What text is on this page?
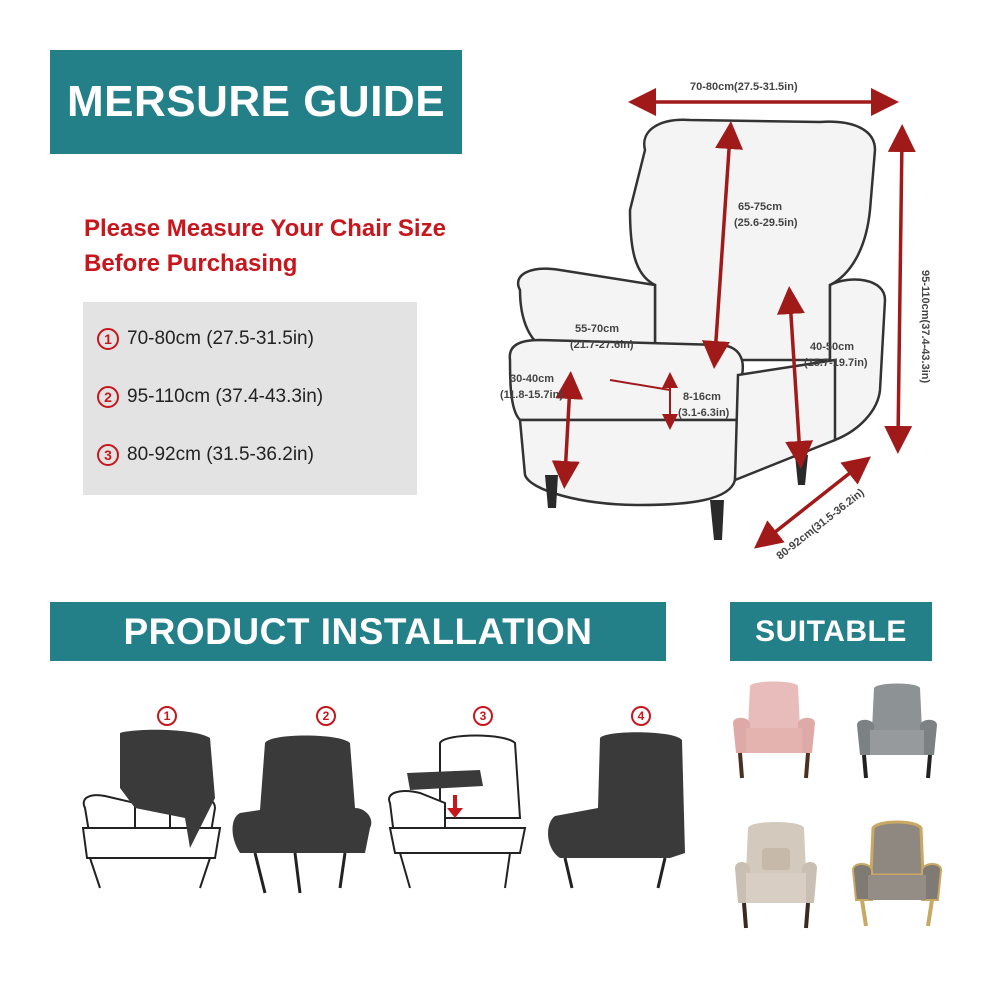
MERSURE GUIDE
Please Measure Your Chair Size
Before Purchasing
1 70-80cm (27.5-31.5in)
2 95-110cm (37.4-43.3in)
3 80-92cm (31.5-36.2in)
70-80cm(27.5-31.5in)
95-110cm(37.4-43.3in)
80-92cm(31.5-36.2in)
65-75cm
(25.6-29.5in)
55-70cm
(21.7-27.6in)	40-50cm
(15.7-19.7in)
30-40cm
(11.8-15.7in)	8-16cm
(3.1-6.3in)
PRODUCT INSTALLATION	SUITABLE
1	2	3	4
